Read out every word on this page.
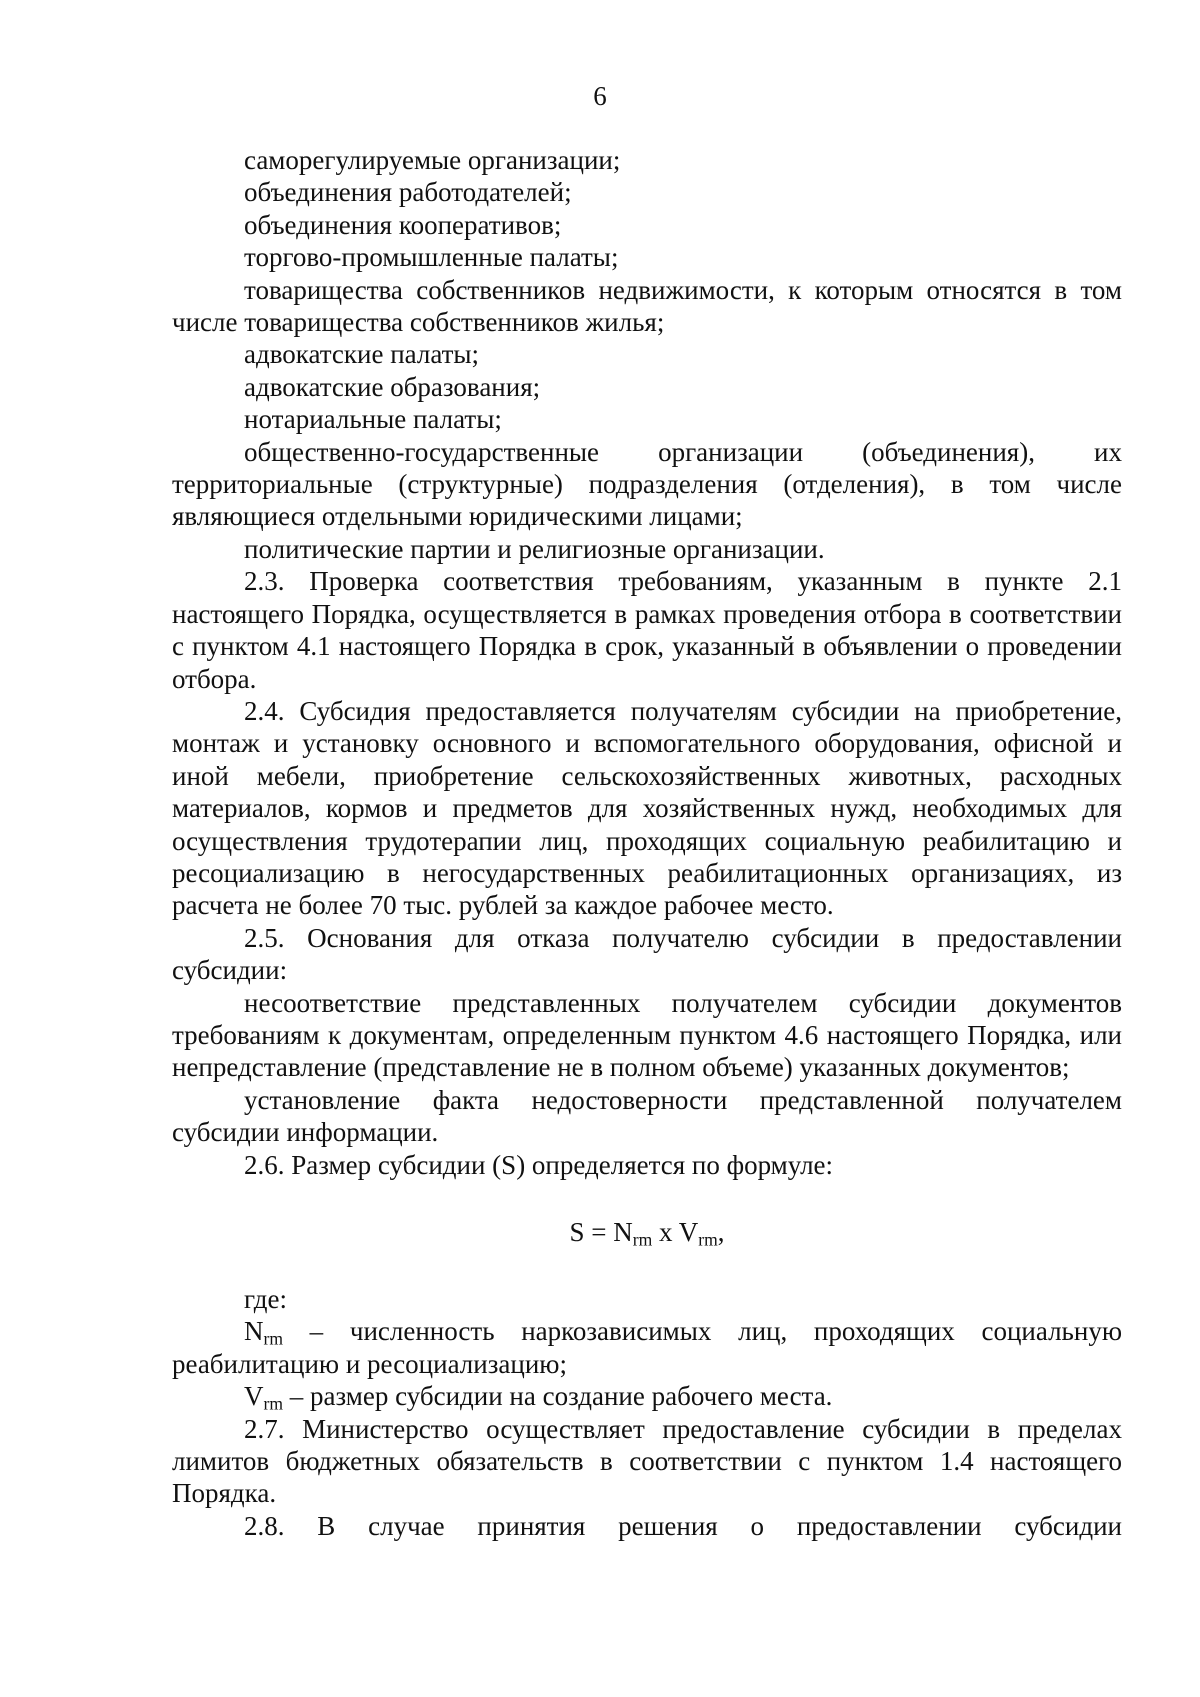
6

саморегулируемые организации;

объединения работодателей;

объединения кооперативов;

торгово-промышленные палаты;

товарищества собственников недвижимости, к которым относятся в том числе товарищества собственников жилья;

адвокатские палаты;

адвокатские образования;

нотариальные палаты;

общественно-государственные организации (объединения), их территориальные (структурные) подразделения (отделения), в том числе являющиеся отдельными юридическими лицами;

политические партии и религиозные организации.

2.3. Проверка соответствия требованиям, указанным в пункте 2.1 настоящего Порядка, осуществляется в рамках проведения отбора в соответствии с пунктом 4.1 настоящего Порядка в срок, указанный в объявлении о проведении отбора.

2.4. Субсидия предоставляется получателям субсидии на приобретение, монтаж и установку основного и вспомогательного оборудования, офисной и иной мебели, приобретение сельскохозяйственных животных, расходных материалов, кормов и предметов для хозяйственных нужд, необходимых для осуществления трудотерапии лиц, проходящих социальную реабилитацию и ресоциализацию в негосударственных реабилитационных организациях, из расчета не более 70 тыс. рублей за каждое рабочее место.

2.5. Основания для отказа получателю субсидии в предоставлении субсидии:

несоответствие представленных получателем субсидии документов требованиям к документам, определенным пунктом 4.6 настоящего Порядка, или непредставление (представление не в полном объеме) указанных документов;

установление факта недостоверности представленной получателем субсидии информации.

2.6. Размер субсидии (S) определяется по формуле:

$S = N_{rm}$ x $V_{rm}$,

где:

$N_{rm}$ – численность наркозависимых лиц, проходящих социальную реабилитацию и ресоциализацию;

$V_{rm}$ – размер субсидии на создание рабочего места.

2.7. Министерство осуществляет предоставление субсидии в пределах лимитов бюджетных обязательств в соответствии с пунктом 1.4 настоящего Порядка.

2.8. В случае принятия решения о предоставлении субсидии
